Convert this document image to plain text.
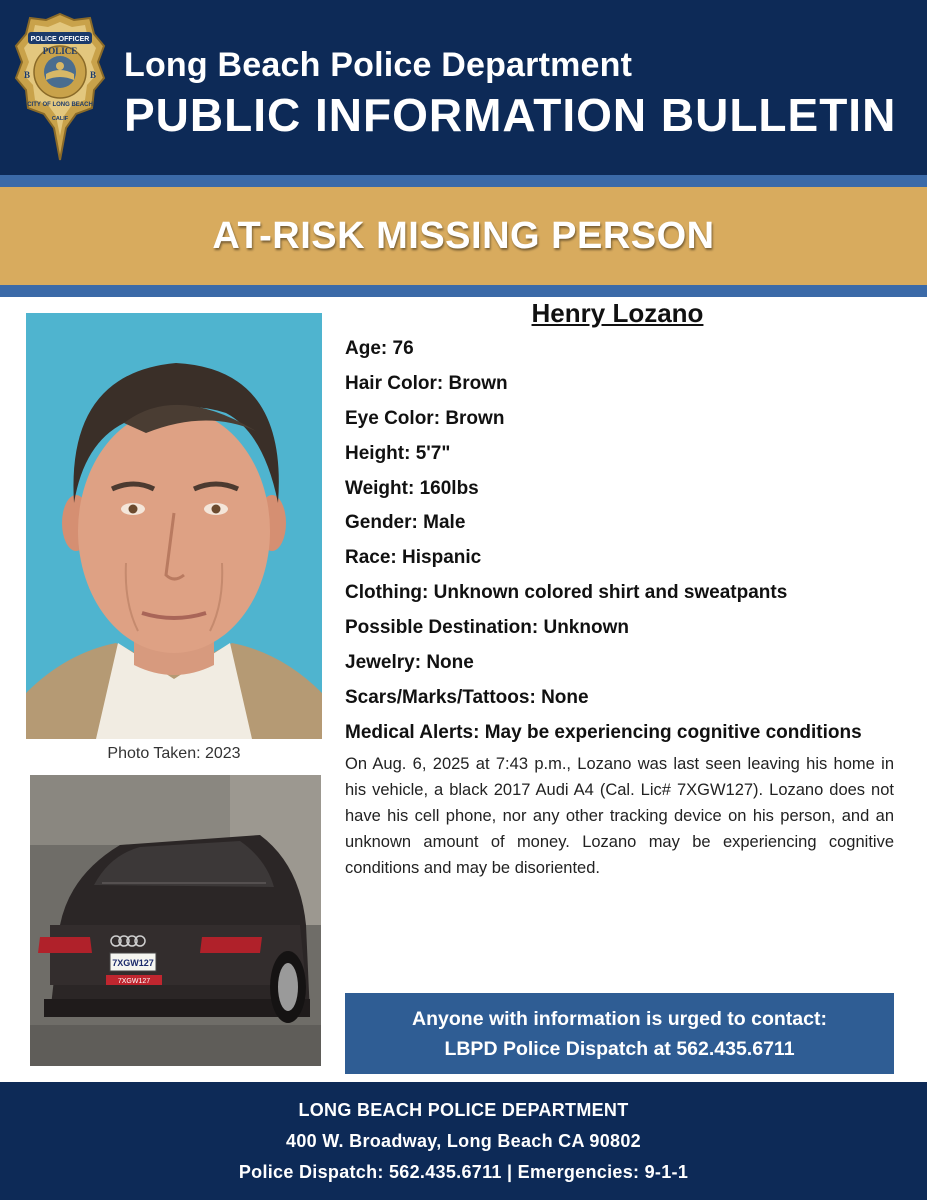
POLICE OFFICER
POLICE
CITY OF LONG BEACH
CALIF
B	B Long Beach Police Department
PUBLIC INFORMATION BULLETIN
AT-RISK MISSING PERSON
Photo Taken: 2023
7XGW127
7XGW127
Henry Lozano
Age: 76
Hair Color: Brown
Eye Color: Brown
Height: 5'7"
Weight: 160lbs
Gender: Male
Race: Hispanic
Clothing: Unknown colored shirt and sweatpants
Possible Destination: Unknown
Jewelry: None
Scars/Marks/Tattoos: None
Medical Alerts: May be experiencing cognitive conditions
On Aug. 6, 2025 at 7:43 p.m., Lozano was last seen leaving his home in his vehicle, a black 2017 Audi A4 (Cal. Lic# 7XGW127). Lozano does not have his cell phone, nor any other tracking device on his person, and an unknown amount of money. Lozano may be experiencing cognitive conditions and may be disoriented.
Anyone with information is urged to contact:
LBPD Police Dispatch at 562.435.6711
LONG BEACH POLICE DEPARTMENT
400 W. Broadway, Long Beach CA 90802
Police Dispatch: 562.435.6711 | Emergencies: 9-1-1
